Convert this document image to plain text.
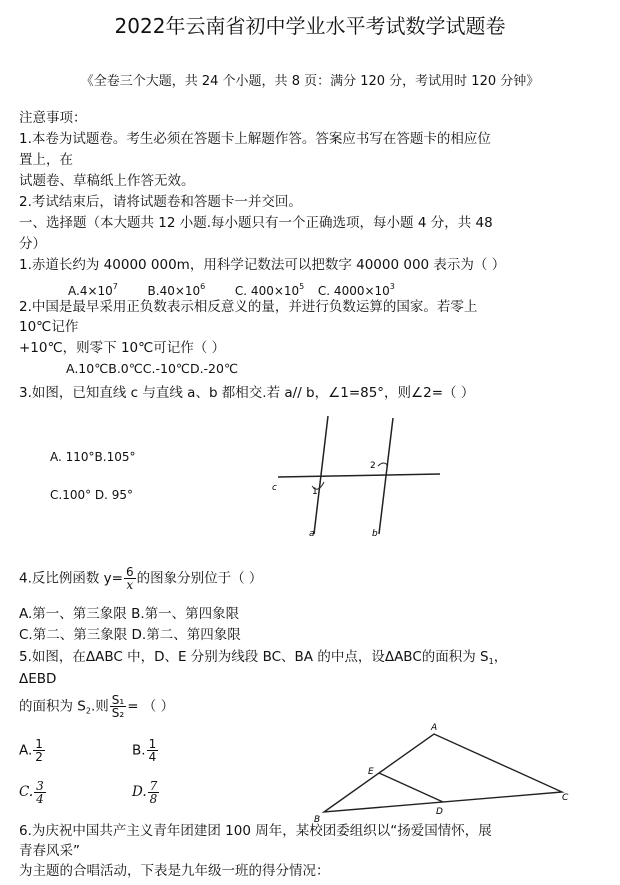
2022年云南省初中学业水平考试数学试题卷
《全卷三个大题，共 24 个小题，共 8 页：满分 120 分，考试用时 120 分钟》
注意事项：
1.本卷为试题卷。考生必须在答题卡上解题作答。答案应书写在答题卡的相应位
置上，在
试题卷、草稿纸上作答无效。
2.考试结束后，请将试题卷和答题卡一并交回。
一、选择题（本大题共 12 小题.每小题只有一个正确选项，每小题 4 分，共 48
分）
1.赤道长约为 40000 000m，用科学记数法可以把数字 40000 000 表示为（ ）
$A.4\times 10^7$ $B.40\times 10^6$ C. $400\times 10^5$ C. $4000\times 10^3$
2.中国是最早采用正负数表示相反意义的量，并进行负数运算的国家。若零上
10℃记作
+10℃，则零下 10℃可记作（ ）
A.10℃B.0℃C.-10℃D.-20℃
3.如图，已知直线 c 与直线 a、b 都相交.若 a// b，∠1=85°，则∠2=（ ）
A. 110°B.105°
C.100° D. 95°	c
a	b
1
2
4.反比例函数 $y= \frac{6}{x}$ 的图象分别位于（ ）
A.第一、第三象限 B.第一、第四象限
C.第二、第三象限 D.第二、第四象限
5.如图，在ΔABC 中，D、E 分别为线段 BC、BA 的中点，设ΔABC的面积为 $S_1$，
ΔEBD
的面积为 $S_2$.则 $\frac{\text{S₁}}{\text{S₂}}$ = （ ）
A. $\frac{1}{2}$	B. $\frac{1}{4}$
C. $\frac{3}{4}$	D. $\frac{7}{8}$
A
B
C
D
E
6.为庆祝中国共产主义青年团建团 100 周年，某校团委组织以“扬爱国情怀，展
青春风采”
为主题的合唱活动，下表是九年级一班的得分情况：
